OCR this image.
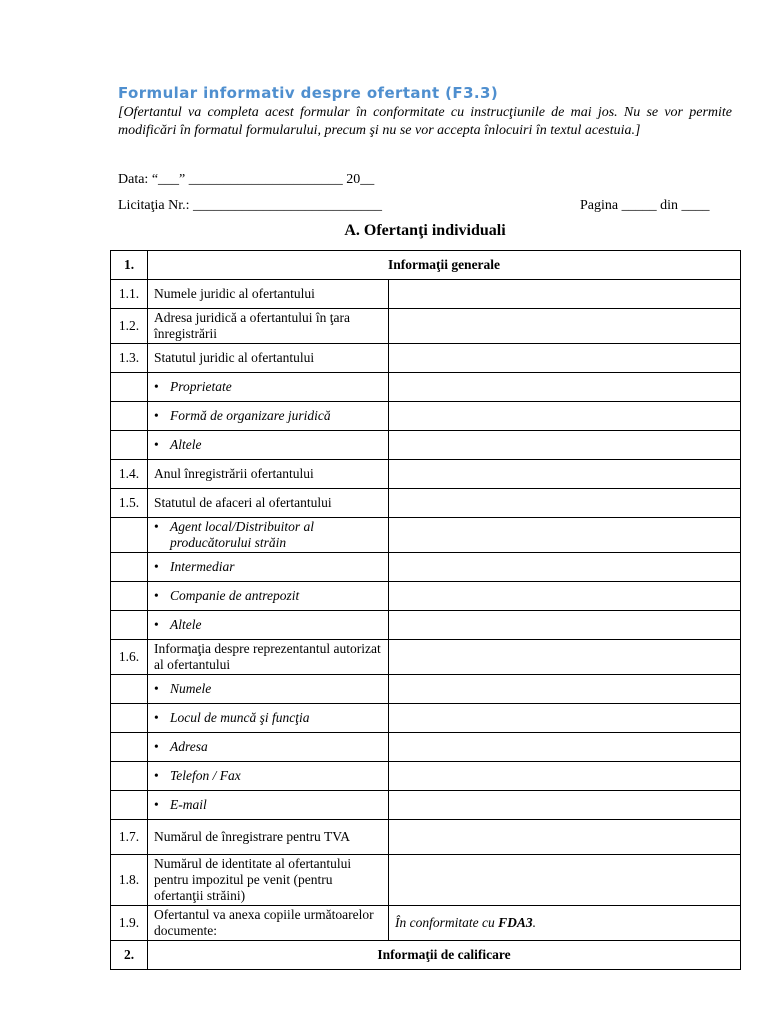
Formular informativ despre ofertant (F3.3)
[Ofertantul va completa acest formular în conformitate cu instrucţiunile de mai jos. Nu se vor permite modificări în formatul formularului, precum şi nu se vor accepta înlocuiri în textul acestuia.]
Data: “___” ______________________ 20__
Licitaţia Nr.: ___________________________	Pagina _____ din ____
A. Ofertanţi individuali
1.	Informaţii generale	
1.1.	Numele juridic al ofertantului	
1.2.	Adresa juridică a ofertantului în ţara înregistrării	
1.3.	Statutul juridic al ofertantului	

	• Proprietate

	• Formă de organizare juridică

	• Altele

1.4.	Anul înregistrării ofertantului	
1.5.	Statutul de afaceri al ofertantului	

	• Agent local/Distribuitor al producătorului străin

	• Intermediar

	• Companie de antrepozit

	• Altele

1.6.	Informaţia despre reprezentantul autorizat al ofertantului	

	• Numele

	• Locul de muncă şi funcţia

	• Adresa

	• Telefon / Fax

	• E-mail

1.7.	Numărul de înregistrare pentru TVA	
1.8.	Numărul de identitate al ofertantului pentru impozitul pe venit (pentru ofertanţii străini)	
1.9.	Ofertantul va anexa copiile următoarelor documente:	În conformitate cu FDA3.
2.	Informaţii de calificare	
